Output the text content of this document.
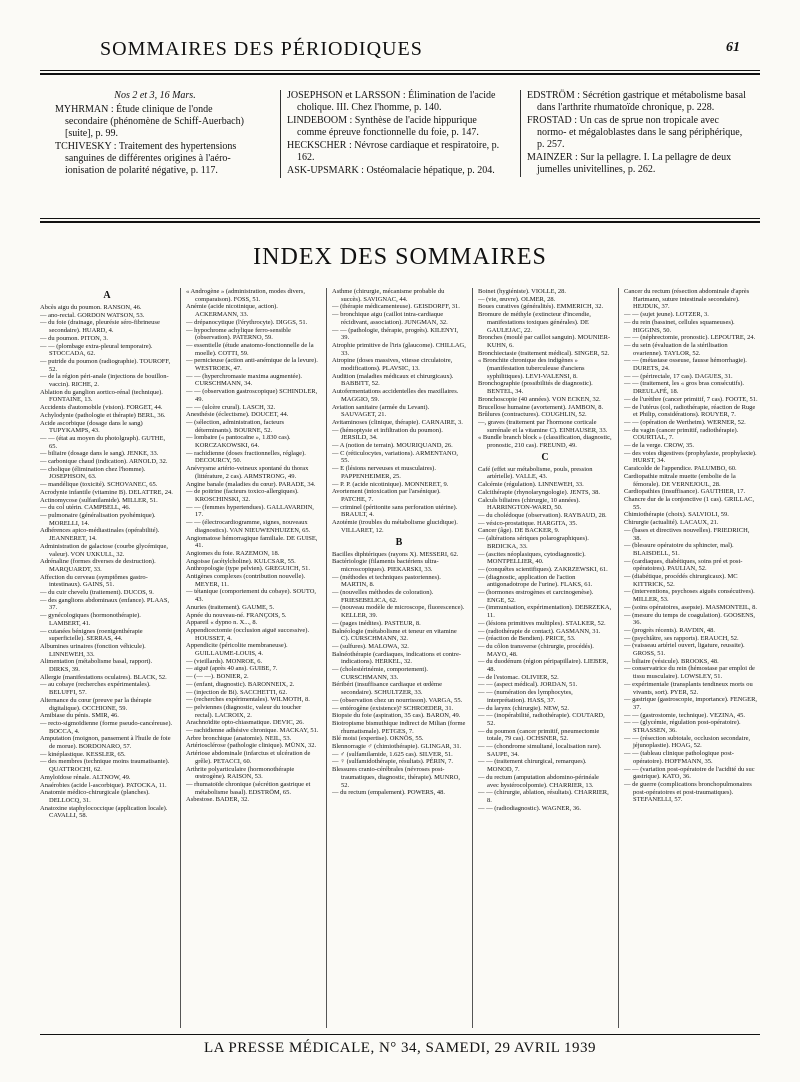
SOMMAIRES DES PÉRIODIQUES	61
Nos 2 et 3, 16 Mars.
MYHRMAN : Étude clinique de l'onde secondaire (phénomène de Schiff-Auerbach) [suite], p. 99.
TCHIVESKY : Traitement des hypertensions sanguines de différentes origines à l'aéro-ionisation de polarité négative, p. 117.
JOSEPHSON et LARSSON : Élimination de l'acide cholique. III. Chez l'homme, p. 140.
LINDEBOOM : Synthèse de l'acide hippurique comme épreuve fonctionnelle du foie, p. 147.
HECKSCHER : Névrose cardiaque et respiratoire, p. 162.
ASK-UPSMARK : Ostéomalacie hépatique, p. 204.
EDSTRÖM : Sécrétion gastrique et métabolisme basal dans l'arthrite rhumatoïde chronique, p. 228.
FROSTAD : Un cas de sprue non tropicale avec normo- et mégaloblastes dans le sang périphérique, p. 257.
MAINZER : Sur la pellagre. I. La pellagre de deux jumelles univitellines, p. 262.
INDEX DES SOMMAIRES
A
Abcès aigu du poumon. RANSON, 46.
— ano-rectal. GORDON WATSON, 53.
— du foie (drainage, pleurésie séro-fibrineuse secondaire). HUARD, 4.
— du poumon. PITON, 3.
— — (plombage extra-pleural temporaire). STOCCADA, 62.
— putride du poumon (radiographie). TOUROFF, 52.
— de la région péri-anale (injections de bouillon-vaccin). RICHE, 2.
Ablation du ganglion aortico-rénal (technique). FONTAINE, 13.
Accidents d'automobile (vision). FORGET, 44.
Achylodynie (pathologie et thérapie) BERL, 36.
Acide ascorbique (dosage dans le sang) TUPYKAMPS, 43.
— — (état au moyen du photolgraph). GUTHE, 65.
— biliaire (dosage dans le sang). JENKE, 33.
— carbonique chaud (indication). ARNOLD, 32.
— cholique (élimination chez l'homme). JOSEPHSON, 63.
— mandélique (toxicité). SCHOVANEC, 65.
Acrodynie infantile (vitamine B). DELATTRE, 24.
Actinomycose (sulfanilamide). MILLER, 51.
— du col utérin. CAMPBELL, 46.
— pulmonaire (généralisation pyohémique). MORELLI, 14.
Adhérences apico-médiastinales (opérabilité). JEANNERET, 14.
Administration de galactose (courbe glycémique, valeur). VON UXKULL, 32.
Adrénaline (formes diverses de destruction). MARQUARDT, 33.
Affection du cerveau (symptômes gastro-intestinaux). GAINS, 51.
— du cuir chevelu (traitement). DUCOS, 9.
— des ganglions abdominaux (enfance). PLAAS, 37.
— gynécologiques (hormonothérapie). LAMBERT, 41.
— cutanées bénignes (roentgenthérapie superficielle). SERRAS, 44.
Albumines urinaires (fonction véhicule). LINNEWEH, 33.
Alimentation (métabolisme basal, rapport). DIRKS, 39.
Allergie (manifestations oculaires). BLACK, 52.
— au cobaye (recherches expérimentales). BELUFFI, 57.
Alternance du cœur (preuve par la thérapie digitalique). OCCHIONE, 59.
Amibiase du pénis. SMIR, 46.
— recto-sigmoïdienne (forme pseudo-cancéreuse). BOCCA, 4.
Amputation (moignon, pansement à l'huile de foie de morue). BORDONARO, 57.
— kinéplastique. KESSLER, 65.
— des membres (technique moins traumatisante). QUATTROCHI, 62.
Amyloïdose rénale. ALTNOW, 49.
Anaérobies (acide l-ascorbique). PATOCKA, 11.
Anatomie médico-chirurgicale (planches). DELLOCQ, 31.
Anatoxine staphylococcique (application locale). CAVALLI, 58.
« Androgène » (administration, modes divers, comparaison). FOSS, 51.
Anémie (acide nicotinique, action). ACKERMANN, 33.
— drépanocytique (l'érythrocyte). DIGGS, 51.
— hypochrome achylique ferro-sensible (observation). PATERNO, 59.
— essentielle (étude anatomo-fonctionnelle de la moelle). COTTI, 59.
— pernicieuse (action anti-anémique de la levure). WESTROEK, 47.
— — (hyperchromasie maxima augmentée). CURSCHMANN, 34.
— — (observation gastroscopique) SCHINDLER, 49.
— — (ulcère crural). LASCH, 32.
Anesthésie (éclectisme). DOUCET, 44.
— (sélection, administration, facteurs déterminants). BOURNE, 52.
— lombaire (« pantocaïne », 1.830 cas). KORCZAKOWSKI, 64.
— rachidienne (doses fractionnelles, réglage). DECOURCY, 50.
Anévrysme artério-veineux spontané du thorax (littérature, 2 cas). ARMSTRONG, 49.
Angine banale (maladies du cœur). PARADE, 34.
— de poitrine (facteurs toxico-allergiques). KROSCHINSKI, 32.
— — (femmes hypertendues). GALLAVARDIN, 17.
— — (électrocardiogramme, signes, nouveaux diagnostics). VAN NIEUWENHUIZEN, 65.
Angiomatose hémorragique familiale. DE GUISE, 41.
Angiomes du foie. RAZEMON, 18.
Angoisse (acétylcholine). KULCSAR, 55.
Anthropologie (type pelvien). GREGUICH, 51.
Antigènes complexes (contribution nouvelle). MEYER, 11.
— tétanique (comportement du cobaye). SOUTO, 43.
Anuries (traitement). GAUME, 5.
Apnée du nouveau-né. FRANÇOIS, 5.
Appareil « dypno n. X..., 8.
Appendicectomie (occlusion aiguë successive). HOUSSET, 4.
Appendicite (péricolite membraneuse). GUILLAUME-LOUIS, 4.
— (vieillards). MONROE, 6.
— aiguë (après 40 ans). GUIBE, 7.
— (— —). BONIER, 2.
— (enfant, diagnostic). BARONNEIX, 2.
— (injection de Bi). SACCHETTI, 62.
— (recherches expérimentales). WILMOTH, 8.
— pelviennes (diagnostic, valeur du toucher rectal). LACROIX, 2.
Arachnoïdite opto-chiasmatique. DEVIC, 26.
— rachidienne adhésive chronique. MACKAY, 51.
Arbre bronchique (anatomie). NEIL, 53.
Artériosclérose (pathologie clinique). MÜNX, 32.
Artériose abdominale (infarctus et ulcération de grêle). PETACCI, 60.
Arthrite polyarticulaire (hormonothérapie œstrogène). RAISON, 53.
— rhumatoïde chronique (sécrétion gastrique et métabolisme basal). EDSTRÖM, 65.
Asbestose. BADER, 32.
Asthme (chirurgie, mécanisme probable du succès). SAVIGNAC, 44.
— (thérapie médicamenteuse). GEISDORFF, 31.
— bronchique aigu (caillot intra-cardiaque récidivant, association). JUNGMAN, 32.
— — (pathologie, thérapie, progrès). KILENYI, 39.
Atrophie primitive de l'iris (glaucome). CHILLAG, 33.
Atropine (doses massives, vitesse circulatoire, modifications). PLAVSIC, 13.
Audition (maladies médicaux et chirurgicaux). BABBITT, 52.
Autofermentations accidentelles des maxillaires. MAGGIO, 59.
Aviation sanitaire (armée du Levant). SAUVAGET, 21.
Avitaminoses (clinique, thérapie). CARNAIRE, 3.
— (hémoptysie et infiltration du poumon). JERSILD, 34.
— A (notion de terrain). MOURIQUAND, 26.
— C (réticulocytes, variations). ARMENTANO, 55.
— E (lésions nerveuses et musculaires). PAPPENHEIMER, 25.
— P. P. (acide nicotinique). MONNERET, 9.
Avortement (intoxication par l'arsénique). PATCHE, 7.
— criminel (péritonite sans perforation utérine). BRAULT, 4.
Azotémie (troubles du métabolisme glucidique). VILLARET, 12.
B
Bacilles diphtériques (rayons X). MESSERI, 62.
Bactériologie (filaments bactériens ultra-microscopiques). PIEKARSKI, 33.
— (méthodes et techniques pastoriennes). MARTIN, 8.
— (nouvelles méthodes de coloration). FRIESEBELICA, 62.
— (nouveau modèle de microscope, fluorescence). KELLER, 39.
— (pages inédites). PASTEUR, 8.
Balnéologie (métabolisme et teneur en vitamine C). CURSCHMANN, 32.
— (sulfures). MALOWA, 32.
Balnéothérapie (cardiaques, indications et contre-indications). HERKEL, 32.
— (cholestérinémie, comportement). CURSCHMANN, 33.
Béribéri (insuffisance cardiaque et œdème secondaire). SCHULTZER, 33.
— (observation chez un nourrisson). VARGA, 55.
— entérogène (existence)? SCHROEDER, 31.
Biopsie du foie (aspiration, 35 cas). BARON, 49.
Biotropisme bismuthique indirect de Milian (forme rhumatismale). PETGES, 7.
Blé moisi (expertise). OKNÖS, 55.
Blennorragie ♂ (chimiothérapie). GLINGAR, 31.
— ♂ (sulfamilamide, 1.625 cas). SILVER, 51.
— ♀ (sulfamidothérapie, résultats). PÉRIN, 7.
Blessures cranio-cérébrales (névroses post-traumatiques, diagnostic, thérapie). MUNRO, 52.
— du rectum (empalement). POWERS, 48.
Boinet (hygiéniste). VIOLLE, 28.
— (vie, œuvre). OLMER, 28.
Boues curatives (généralités). EMMERICH, 32.
Bromure de méthyle (extincteur d'incendie, manifestations toxiques générales). DE GAULEJAC, 22.
Bronches (moulé par caillot sanguin). MOUNIER-KUHN, 6.
Bronchiectasie (traitement médical). SINGER, 52.
« Bronchite chronique des indigènes » (manifestation tuberculeuse d'anciens syphilitiques). LEVI-VALENSI, 8.
Bronchographie (possibilités de diagnostic). BENTEL, 34.
Bronchoscopie (40 années). VON ECKEN, 32.
Brucellose humaine (avortement). JAMBON, 8.
Brûlures (contractures). COUGHLIN, 52.
—, graves (traitement par l'hormone corticale surrénale et la vitamine C). EINHAUSER, 33.
« Bundle branch block » (classification, diagnostic, pronostic, 210 cas). FREUND, 49.
C
Café (effet sur métabolisme, pouls, pression artérielle). VALLE, 43.
Calcémie (régulation). LINNEWEH, 33.
Calcithérapie (rhynolaryngologie). JENTS, 38.
Calculs biliaires (chirurgie, 10 années). HARRINGTON-WARD, 50.
— du cholédoque (observation). RAYBAUD, 28.
— vésico-prostatique. HARGITA, 35.
Cancer (âge). DE BACKER, 9.
— (altérations sériques polarographiques). BRDICKA, 33.
— (ascites néoplasiques, cytodiagnostic). MONTPELLIER, 40.
— (conquêtes scientifiques). ZAKRZEWSKI, 61.
— (diagnostic, application de l'action antigonadotrope de l'urine). FLAKS, 61.
— (hormones œstrogènes et carcinogenèse). ENGE, 52.
— (immunisation, expérimentation). DEBRZEKA, 11.
— (lésions primitives multiples). STALKER, 52.
— (radiothérapie de contact). GASMANN, 31.
— (réaction de Bendien). PRICE, 53.
— du côlon transverse (chirurgie, procédés). MAYO, 48.
— du duodénum (région péripapillaire). LIEBER, 48.
— de l'estomac. OLIVIER, 52.
— — (aspect médical). JORDAN, 51.
— — (numération des lymphocytes, interprétation). HASS, 37.
— du larynx (chirurgie). NEW, 52.
— — (inopérabilité, radiothérapie). COUTARD, 52.
— du poumon (cancer primitif, pneumectomie totale, 79 cas). OCHSNER, 52.
— — (chondrome simultané, localisation rare). SAUPE, 34.
— — (traitement chirurgical, remarques). MONOD, 7.
— du rectum (amputation abdomino-périnéale avec hystérocolpomie). CHARRIER, 13.
— — (chirurgie, ablation, résultats). CHARRIER, 8.
— — (radiodiagnostic). WAGNER, 36.
Cancer du rectum (résection abdominale d'après Hartmann, suture intestinale secondaire). HEJDUK, 37.
— — (sujet jeune). LOTZER, 3.
— du rein (bassinet, cellules squameuses). HIGGINS, 50.
— — (néphrectomie, pronostic). LEPOUTRE, 24.
— du sein (évaluation de la stérilisation ovarienne). TAYLOR, 52.
— — (métastase osseuse, fausse hémorrhagie). DURETS, 24.
— — (périrectale, 17 cas). DAGUES, 31.
— — (traitement, les « gros bras consécutifs). DREULAFÉ, 18.
— de l'urèthre (cancer primitif, 7 cas). FOOTE, 51.
— de l'utérus (col, radiothérapie, réaction de Ruge et Philip, considérations). ROUYER, 7.
— — (opération de Wertheim). WERNER, 52.
— du vagin (cancer primitif, radiothérapie). COURTIAL, 7.
— de la verge. CROW, 35.
— des voies digestives (prophylaxie, prophylaxie). HURST, 34.
Caraïcolde de l'appendice. PALUMBO, 60.
Cardiopathie mitrale muette (embolie de la fémorale). DE VERNEJOUL, 28.
Cardiopathies (insuffisance). GAUTHIER, 17.
Chancre dur de la conjonctive (1 cas). GRILLAC, 55.
Chimiothérapie (choix). SALVIOLI, 59.
Chirurgie (actualité). LACAUX, 21.
— (bases et directives nouvelles). FRIEDRICH, 38.
— (blessure opératoire du sphincter, mal). BLAISDELL, 51.
— (cardiaques, diabétiques, soins pré et post-opératoires). PAULIAN, 52.
— (diabétique, procédés chirurgicaux). MC KITTRICK, 52.
— (interventions, psychoses aiguës consécutives). MILLER, 53.
— (soins opératoires, asepsie). MASMONTEIL, 8.
— (mesure du temps de coagulation). GOOSENS, 36.
— (progrès récents). RAVDIN, 48.
— (psychiâtre, ses rapports). ERAUCH, 52.
— (vaisseau artériel ouvert, ligature, reussite). GROSS, 51.
— biliaire (vésicule). BROOKS, 48.
— conservatrice du rein (hémostase par emploi de tissu musculaire). LOWSLEY, 51.
— expérimentale (transplants tendineux morts ou vivants, sort). PYER, 52.
— gastrique (gastroscopie, importance). FENGER, 37.
— — (gastrostomie, technique). VEZINA, 45.
— — (glycémie, régulation post-opératoire). STRASSEN, 36.
— — (résection subtotale, occlusion secondaire, jéjunoplastie). HOAG, 52.
— — (tableau clinique pathologique post-opératoire). HOFFMANN, 35.
— — (variation post-opératoire de l'acidité du suc gastrique). KATO, 36.
— de guerre (complications bronchopulmonaires post-opératoires et post-traumatiques). STEFANELLI, 57.
LA PRESSE MÉDICALE, N° 34, SAMEDI, 29 AVRIL 1939
